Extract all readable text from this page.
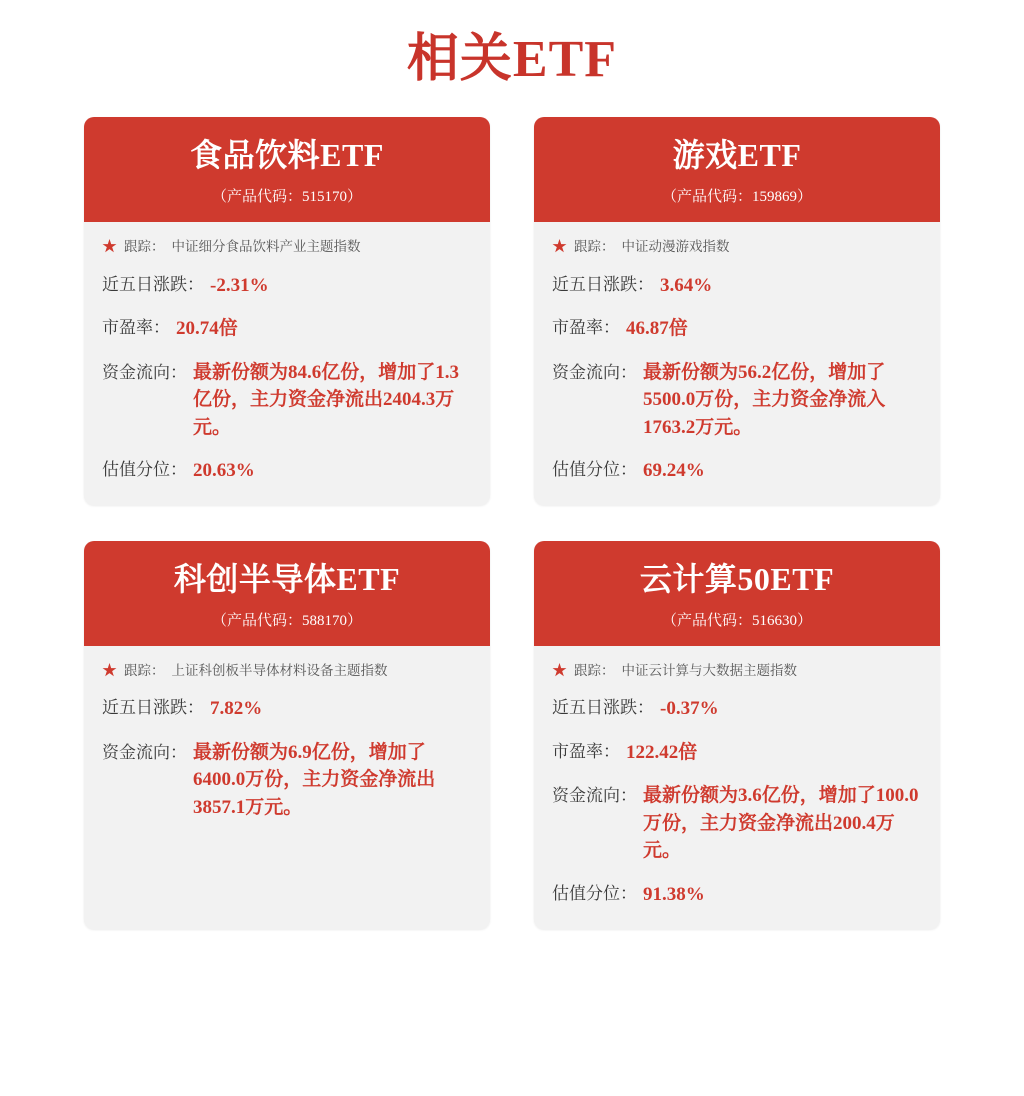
相关ETF
食品饮料ETF
（产品代码：515170）
★ 跟踪： 中证细分食品饮料产业主题指数
近五日涨跌： -2.31%
市盈率： 20.74倍
资金流向： 最新份额为84.6亿份，增加了1.3亿份，主力资金净流出2404.3万元。
估值分位： 20.63%
游戏ETF
（产品代码：159869）
★ 跟踪： 中证动漫游戏指数
近五日涨跌： 3.64%
市盈率： 46.87倍
资金流向： 最新份额为56.2亿份，增加了5500.0万份，主力资金净流入1763.2万元。
估值分位： 69.24%
科创半导体ETF
（产品代码：588170）
★ 跟踪： 上证科创板半导体材料设备主题指数
近五日涨跌： 7.82%
资金流向： 最新份额为6.9亿份，增加了6400.0万份，主力资金净流出3857.1万元。
云计算50ETF
（产品代码：516630）
★ 跟踪： 中证云计算与大数据主题指数
近五日涨跌： -0.37%
市盈率： 122.42倍
资金流向： 最新份额为3.6亿份，增加了100.0万份，主力资金净流出200.4万元。
估值分位： 91.38%
